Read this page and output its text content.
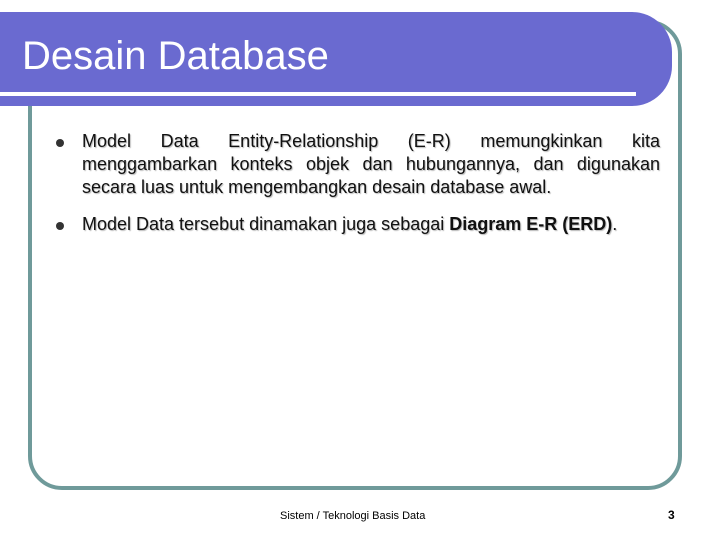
Desain Database
Model Data Entity-Relationship (E-R) memungkinkan kita menggambarkan konteks objek dan hubungannya, dan digunakan secara luas untuk mengembangkan desain database awal.
Model Data tersebut dinamakan juga sebagai Diagram E-R (ERD).
Sistem / Teknologi Basis Data	3
